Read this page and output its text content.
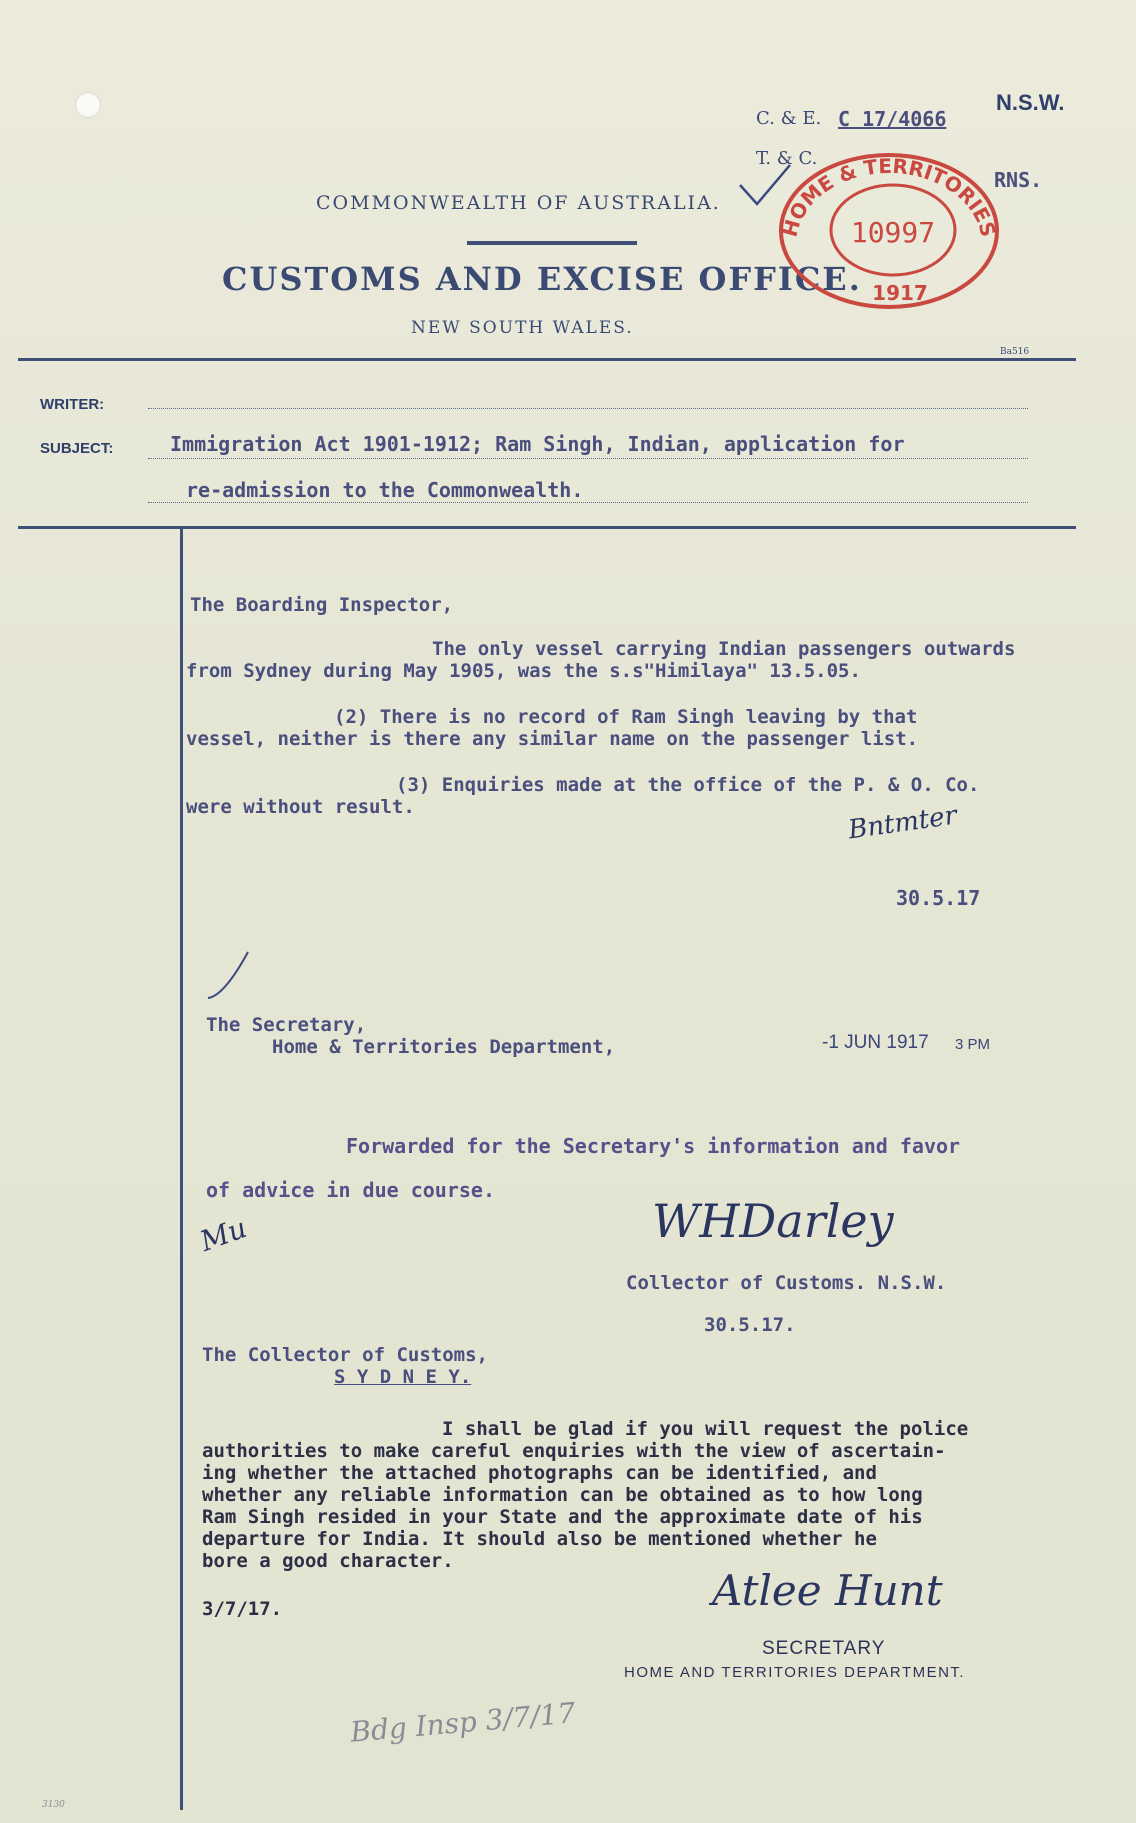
N.S.W.
C. & E. C 17/4066
T. & C.
RNS.
COMMONWEALTH OF AUSTRALIA.
CUSTOMS AND EXCISE OFFICE.
NEW SOUTH WALES.
Ba516
HOME & TERRITORIES
10997
1917
WRITER:
SUBJECT:	Immigration Act 1901-1912; Ram Singh, Indian, application for
re-admission to the Commonwealth.
The Boarding Inspector,
The only vessel carrying Indian passengers outwards
from Sydney during May 1905, was the s.s"Himilaya" 13.5.05.
(2) There is no record of Ram Singh leaving by that
vessel, neither is there any similar name on the passenger list.
(3) Enquiries made at the office of the P. & O. Co.
were without result.	Bntmter
30.5.17
The Secretary,
Home & Territories Department,	-1 JUN 1917 3 PM
Forwarded for the Secretary's information and favor
of advice in due course.
Mu	WHDarley
Collector of Customs. N.S.W.
30.5.17.
The Collector of Customs,
S Y D N E Y.
I shall be glad if you will request the police
authorities to make careful enquiries with the view of ascertain-
ing whether the attached photographs can be identified, and
whether any reliable information can be obtained as to how long
Ram Singh resided in your State and the approximate date of his
departure for India. It should also be mentioned whether he
bore a good character.
3/7/17.	Atlee Hunt
SECRETARY
HOME AND TERRITORIES DEPARTMENT.
Bdg Insp 3/7/17
3130
